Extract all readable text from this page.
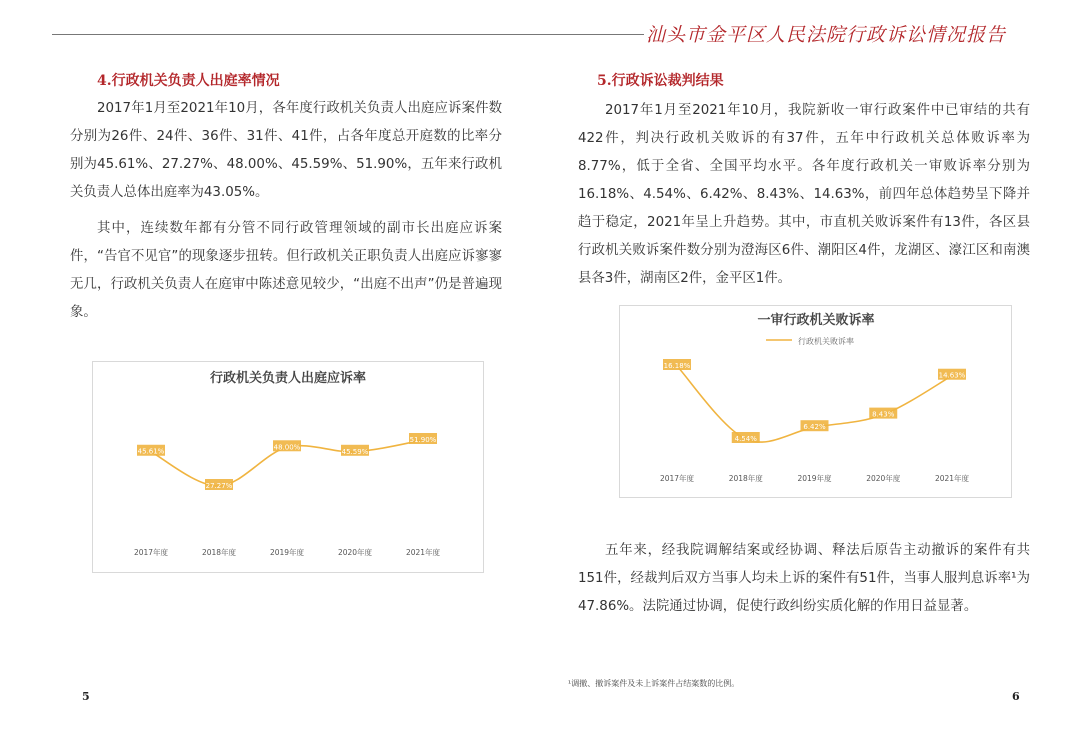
汕头市金平区人民法院行政诉讼情况报告
4.行政机关负责人出庭率情况

2017年1月至2021年10月，各年度行政机关负责人出庭应诉案件数分别为26件、24件、36件、31件、41件，占各年度总开庭数的比率分别为45.61%、27.27%、48.00%、45.59%、51.90%，五年来行政机关负责人总体出庭率为43.05%。

其中，连续数年都有分管不同行政管理领域的副市长出庭应诉案件，“告官不见官”的现象逐步扭转。但行政机关正职负责人出庭应诉寥寥无几，行政机关负责人在庭审中陈述意见较少，“出庭不出声”仍是普遍现象。

行政机关负责人出庭应诉率
45.61%
27.27%
48.00%
45.59%
51.90%
2017年度	2018年度	2019年度	2020年度	2021年度
5
5.行政诉讼裁判结果

2017年1月至2021年10月，我院新收一审行政案件中已审结的共有422件，判决行政机关败诉的有37件，五年中行政机关总体败诉率为8.77%，低于全省、全国平均水平。各年度行政机关一审败诉率分别为16.18%、4.54%、6.42%、8.43%、14.63%，前四年总体趋势呈下降并趋于稳定，2021年呈上升趋势。其中，市直机关败诉案件有13件，各区县行政机关败诉案件数分别为澄海区6件、潮阳区4件，龙湖区、濠江区和南澳县各3件，湖南区2件，金平区1件。

一审行政机关败诉率
行政机关败诉率
16.18%
4.54%
6.42%
8.43%
14.63%
2017年度	2018年度	2019年度	2020年度	2021年度

五年来，经我院调解结案或经协调、释法后原告主动撤诉的案件有共151件，经裁判后双方当事人均未上诉的案件有51件，当事人服判息诉率¹为47.86%。法院通过协调，促使行政纠纷实质化解的作用日益显著。

¹调撤、撤诉案件及未上诉案件占结案数的比例。
6
